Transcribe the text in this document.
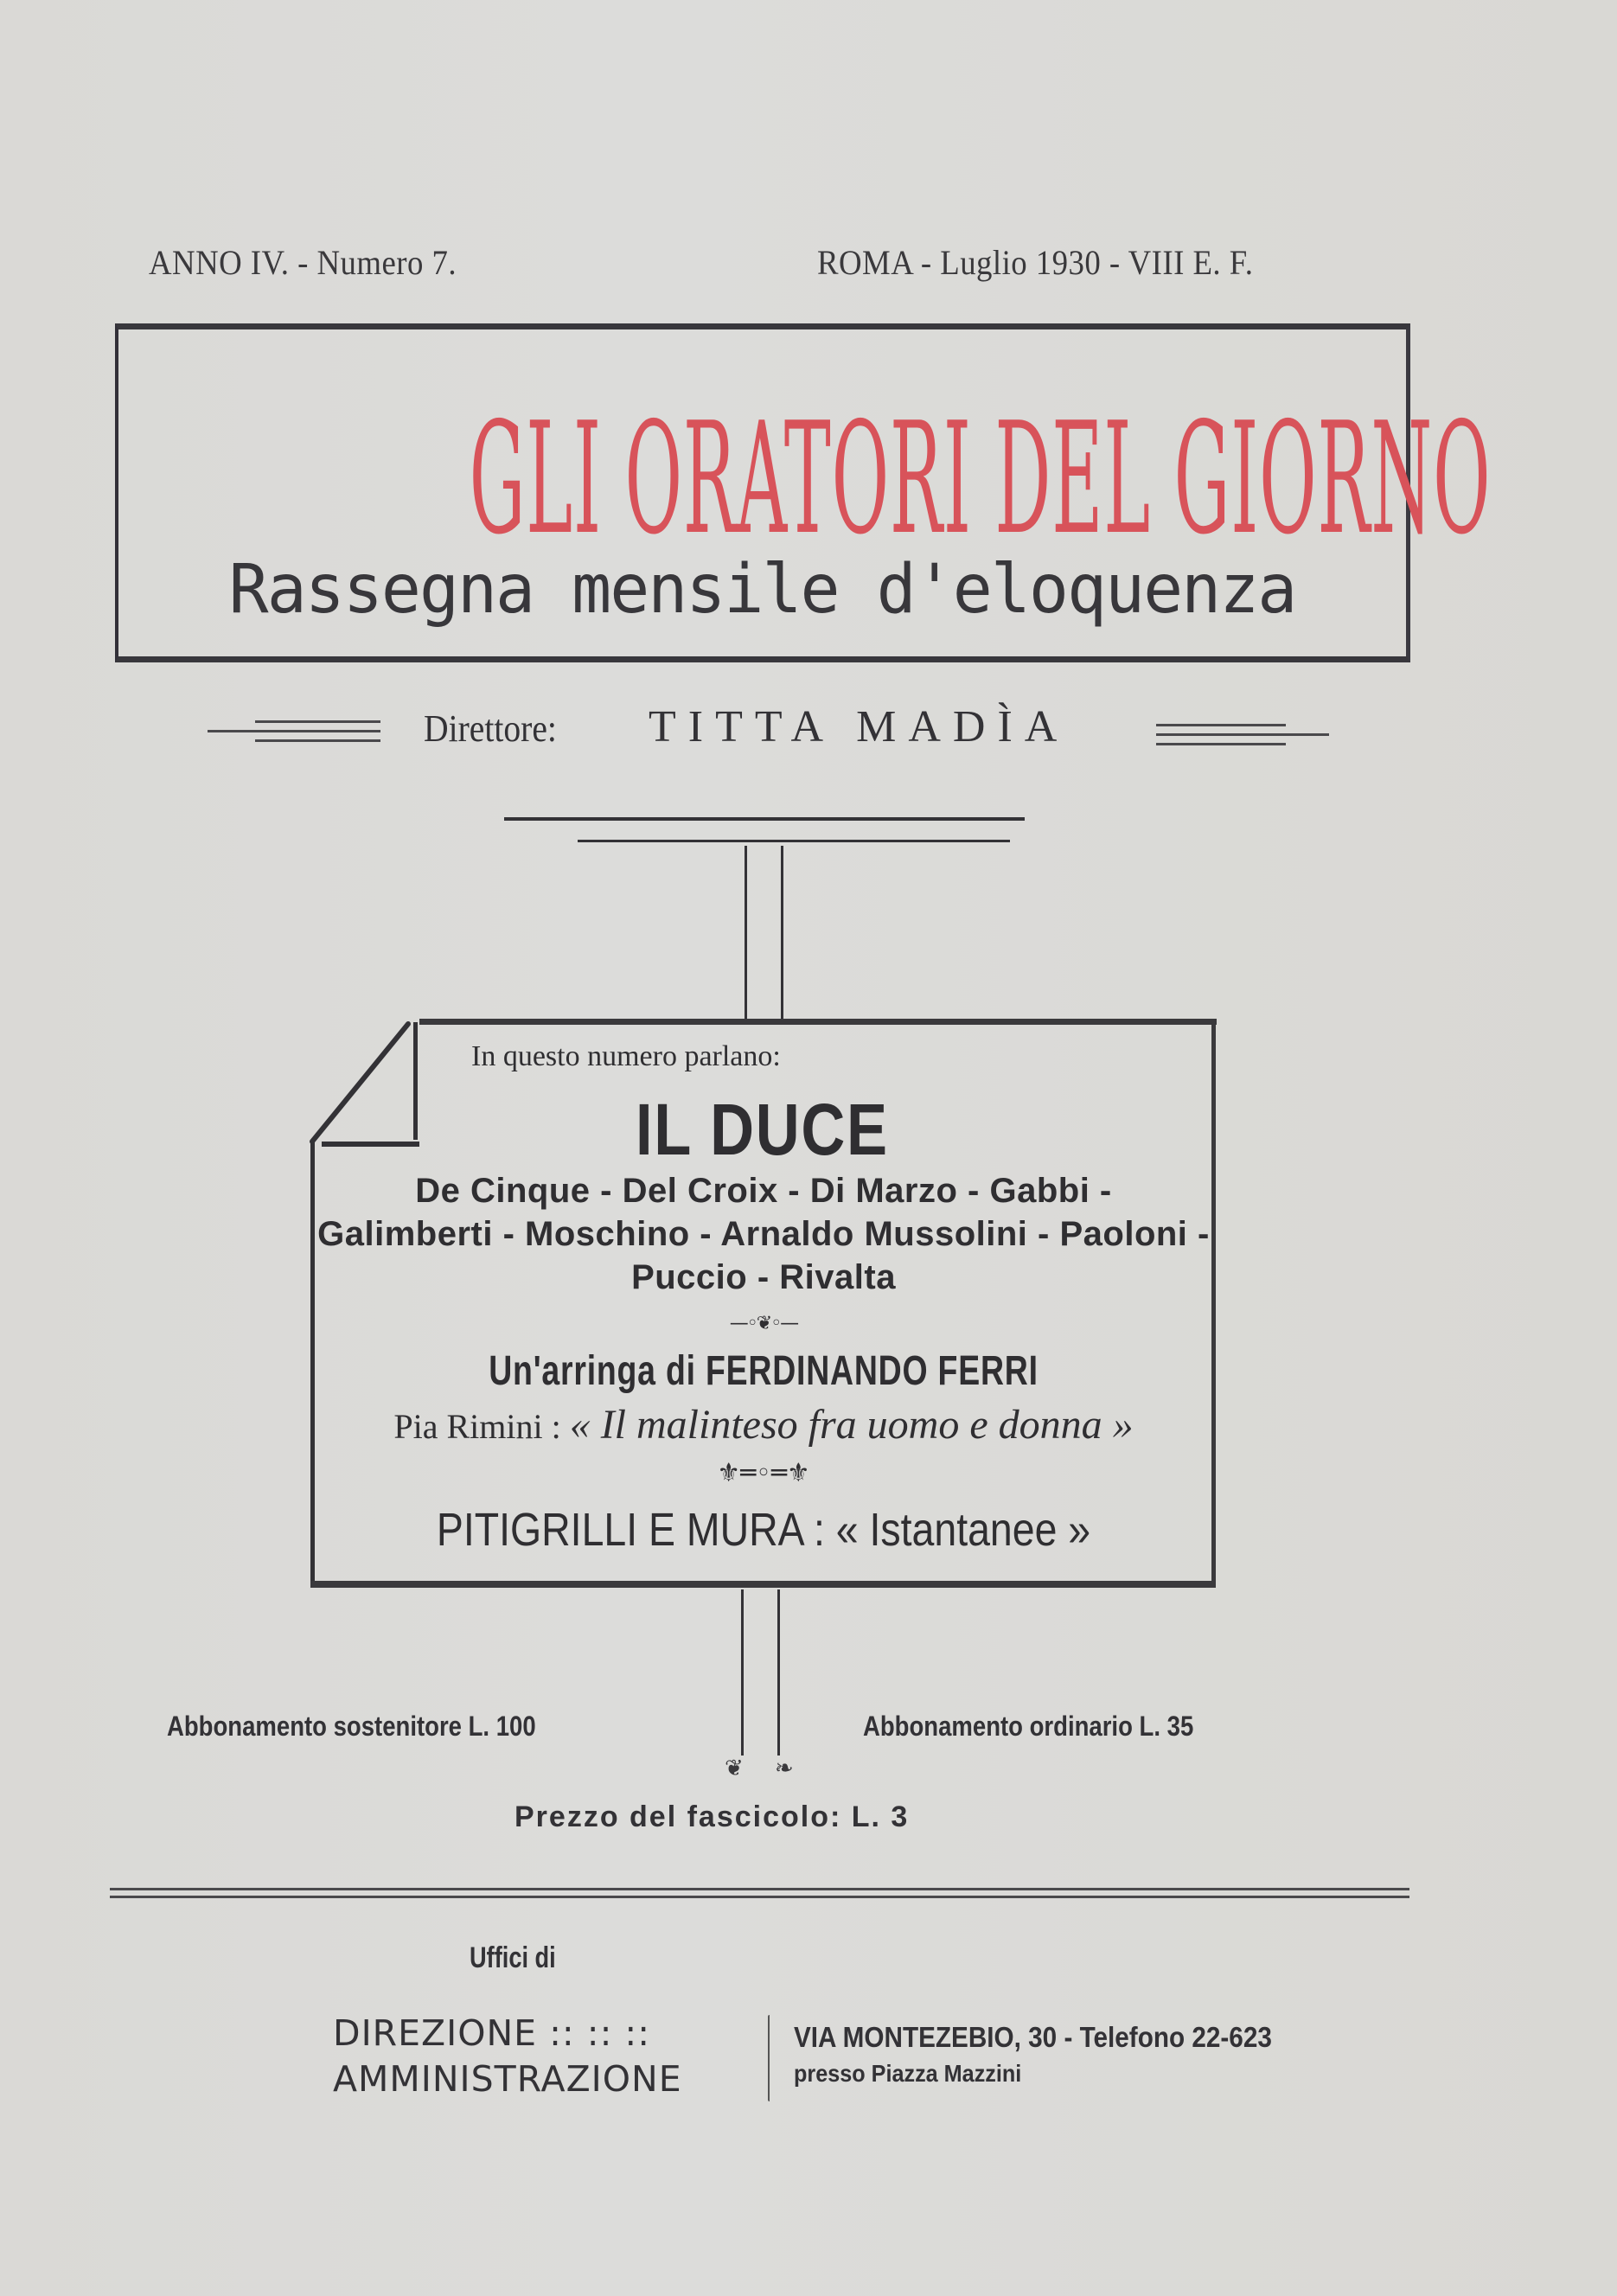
ANNO IV. - Numero 7.	ROMA - Luglio 1930 - VIII E. F.
GLI ORATORI DEL GIORNO
Rassegna mensile d'eloquenza
Direttore: TITTA MADÌA
In questo numero parlano:
IL DUCE
De Cinque - Del Croix - Di Marzo - Gabbi -
Galimberti - Moschino - Arnaldo Mussolini - Paoloni -
Puccio - Rivalta
—◦❦◦—
Un'arringa di FERDINANDO FERRI
Pia Rimini : « Il malinteso fra uomo e donna »
⚜═◦═⚜
PITIGRILLI E MURA : « Istantanee »
❦ ❧
Abbonamento sostenitore L. 100	Abbonamento ordinario L. 35
Prezzo del fascicolo: L. 3
Uffici di
DIREZIONE :: :: ::
AMMINISTRAZIONE
VIA MONTEZEBIO, 30 - Telefono 22-623
presso Piazza Mazzini
